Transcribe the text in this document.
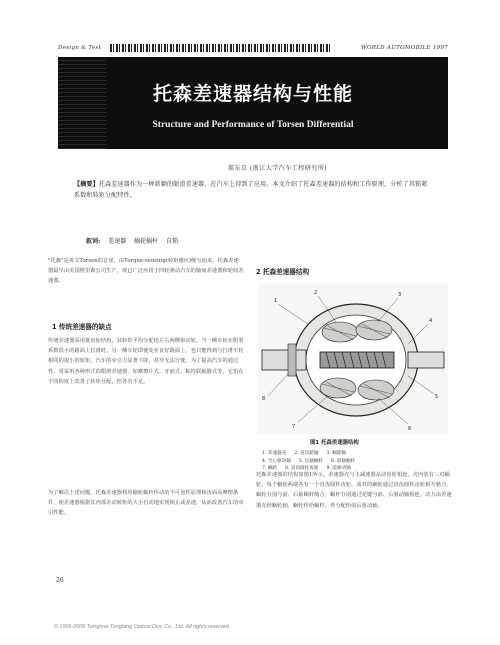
Design & Test	WORLD AUTOMOBILE 1997
托森差速器结构与性能
Structure and Performance of Torsen Differential
郝东京 (浙江大学汽车工程研究所)
【摘要】托森差速器作为一种新颖的限滑差速器，在汽车上得到了应用。本文介绍了托森差速器的结构和工作原理，分析了其锁紧系数和转矩分配特性。
叙词: 差速器 蜗轮蜗杆 自锁
"托森"是英文Torsen的音译，由Torque-sensing(转矩感应)缩写而来。托森差速器最早由美国格里森公司生产，现已广泛应用于四轮驱动汽车的轴间差速器和轮间差速器。
1 传统差速器的缺点
传统差速器采用锥齿轮结构，其转矩平均分配给左右两侧驱动轮。当一侧车轮在附着系数很小的路面上打滑时，另一侧车轮即使处在良好路面上，也只能得到与打滑车轮相同的很小的转矩，汽车的牵引力显著下降，甚至无法行驶。为了提高汽车的通过性，常采用各种形式的限滑差速器，如摩擦片式、牙嵌式、粘性联轴器式等，它们在不同程度上改善了转矩分配，但各有不足。
为了解决上述问题，托森差速器利用蜗轮蜗杆传动的不可逆性原理和齿面高摩擦条件，使差速器根据其内部差动转矩的大小自动地实现锁止或差速，从而改善汽车的牵引性能。
2 托森差速器结构
1
2	3
4
5
6
7
8
图1 托森差速器结构
1. 差速器壳 2. 直齿轮轴 3. 蜗轮轴
4. 空心驱动轴 5. 后轴蜗杆 6. 前轴蜗杆
7. 蜗轮 8. 直齿圆柱齿轮 9. 前驱动轴
托森差速器的结构如图1所示。差速器壳与主减速器从动齿轮相连，壳内装有三对蜗轮，每个蜗轮两端各有一个直齿圆柱齿轮，成对的蜗轮通过直齿圆柱齿轮相互啮合。蜗轮分别与前、后轴蜗杆啮合，蜗杆分别通过花键与前、后驱动轴相连，动力由差速器壳经蜗轮轴、蜗轮传给蜗杆，再分配给前后驱动轴。
26
© 1995-2006 Tsinghua Tongfang Optical Disc Co., Ltd. All rights reserved.
